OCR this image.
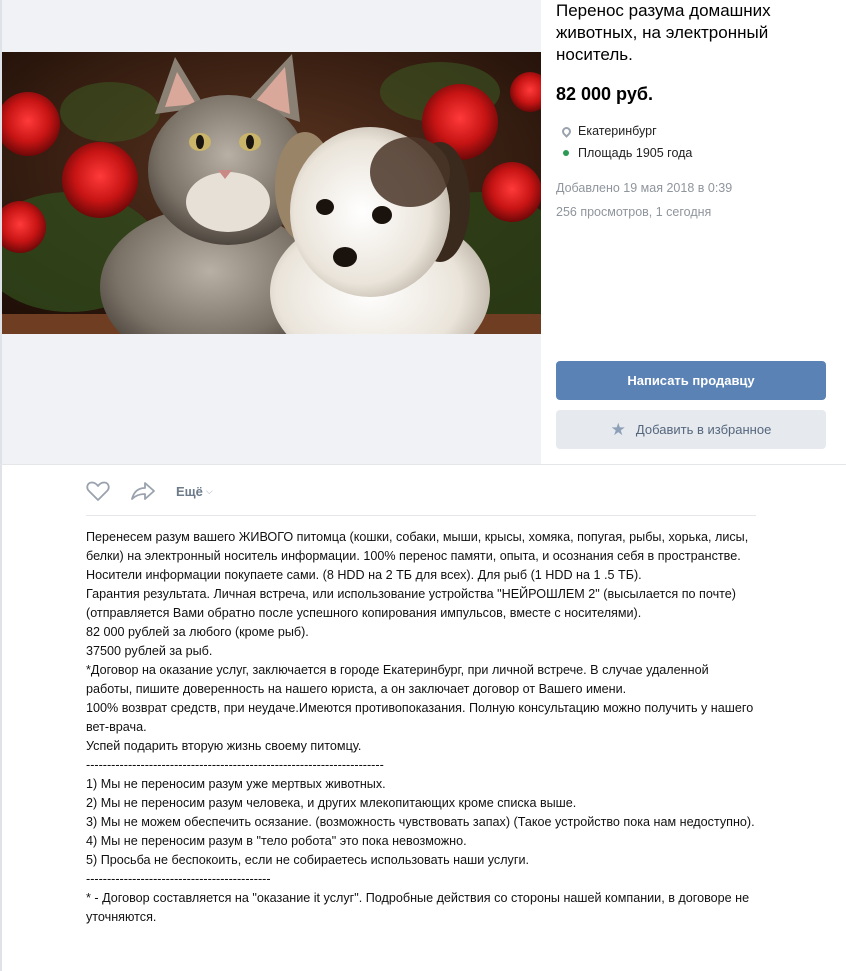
Перенос разума домашних животных, на электронный носитель.
82 000 руб.
Екатеринбург
Площадь 1905 года
Добавлено 19 мая 2018 в 0:39
256 просмотров, 1 сегодня
Написать продавцу
★ Добавить в избранное
Ещё ⌵

Перенесем разум вашего ЖИВОГО питомца (кошки, собаки, мыши, крысы, хомяка, попугая, рыбы, хорька, лисы, белки) на электронный носитель информации. 100% перенос памяти, опыта, и осознания себя в пространстве.

Носители информации покупаете сами. (8 HDD на 2 ТБ для всех). Для рыб (1 HDD на 1 .5 ТБ).

Гарантия результата. Личная встреча, или использование устройства "НЕЙРОШЛЕМ 2" (высылается по почте) (отправляется Вами обратно после успешного копирования импульсов, вместе с носителями).

82 000 рублей за любого (кроме рыб).

37500 рублей за рыб.

*Договор на оказание услуг, заключается в городе Екатеринбург, при личной встрече. В случае удаленной работы, пишите доверенность на нашего юриста, а он заключает договор от Вашего имени.

100% возврат средств, при неудаче.Имеются противопоказания. Полную консультацию можно получить у нашего вет-врача.

Успей подарить вторую жизнь своему питомцу.

-----------------------------------------------------------------------

1) Мы не переносим разум уже мертвых животных.

2) Мы не переносим разум человека, и других млекопитающих кроме списка выше.

3) Мы не можем обеспечить осязание. (возможность чувствовать запах) (Такое устройство пока нам недоступно).

4) Мы не переносим разум в "тело робота" это пока невозможно.

5) Просьба не беспокоить, если не собираетесь использовать наши услуги.

--------------------------------------------

* - Договор составляется на "оказание it услуг". Подробные действия со стороны нашей компании, в договоре не уточняются.
